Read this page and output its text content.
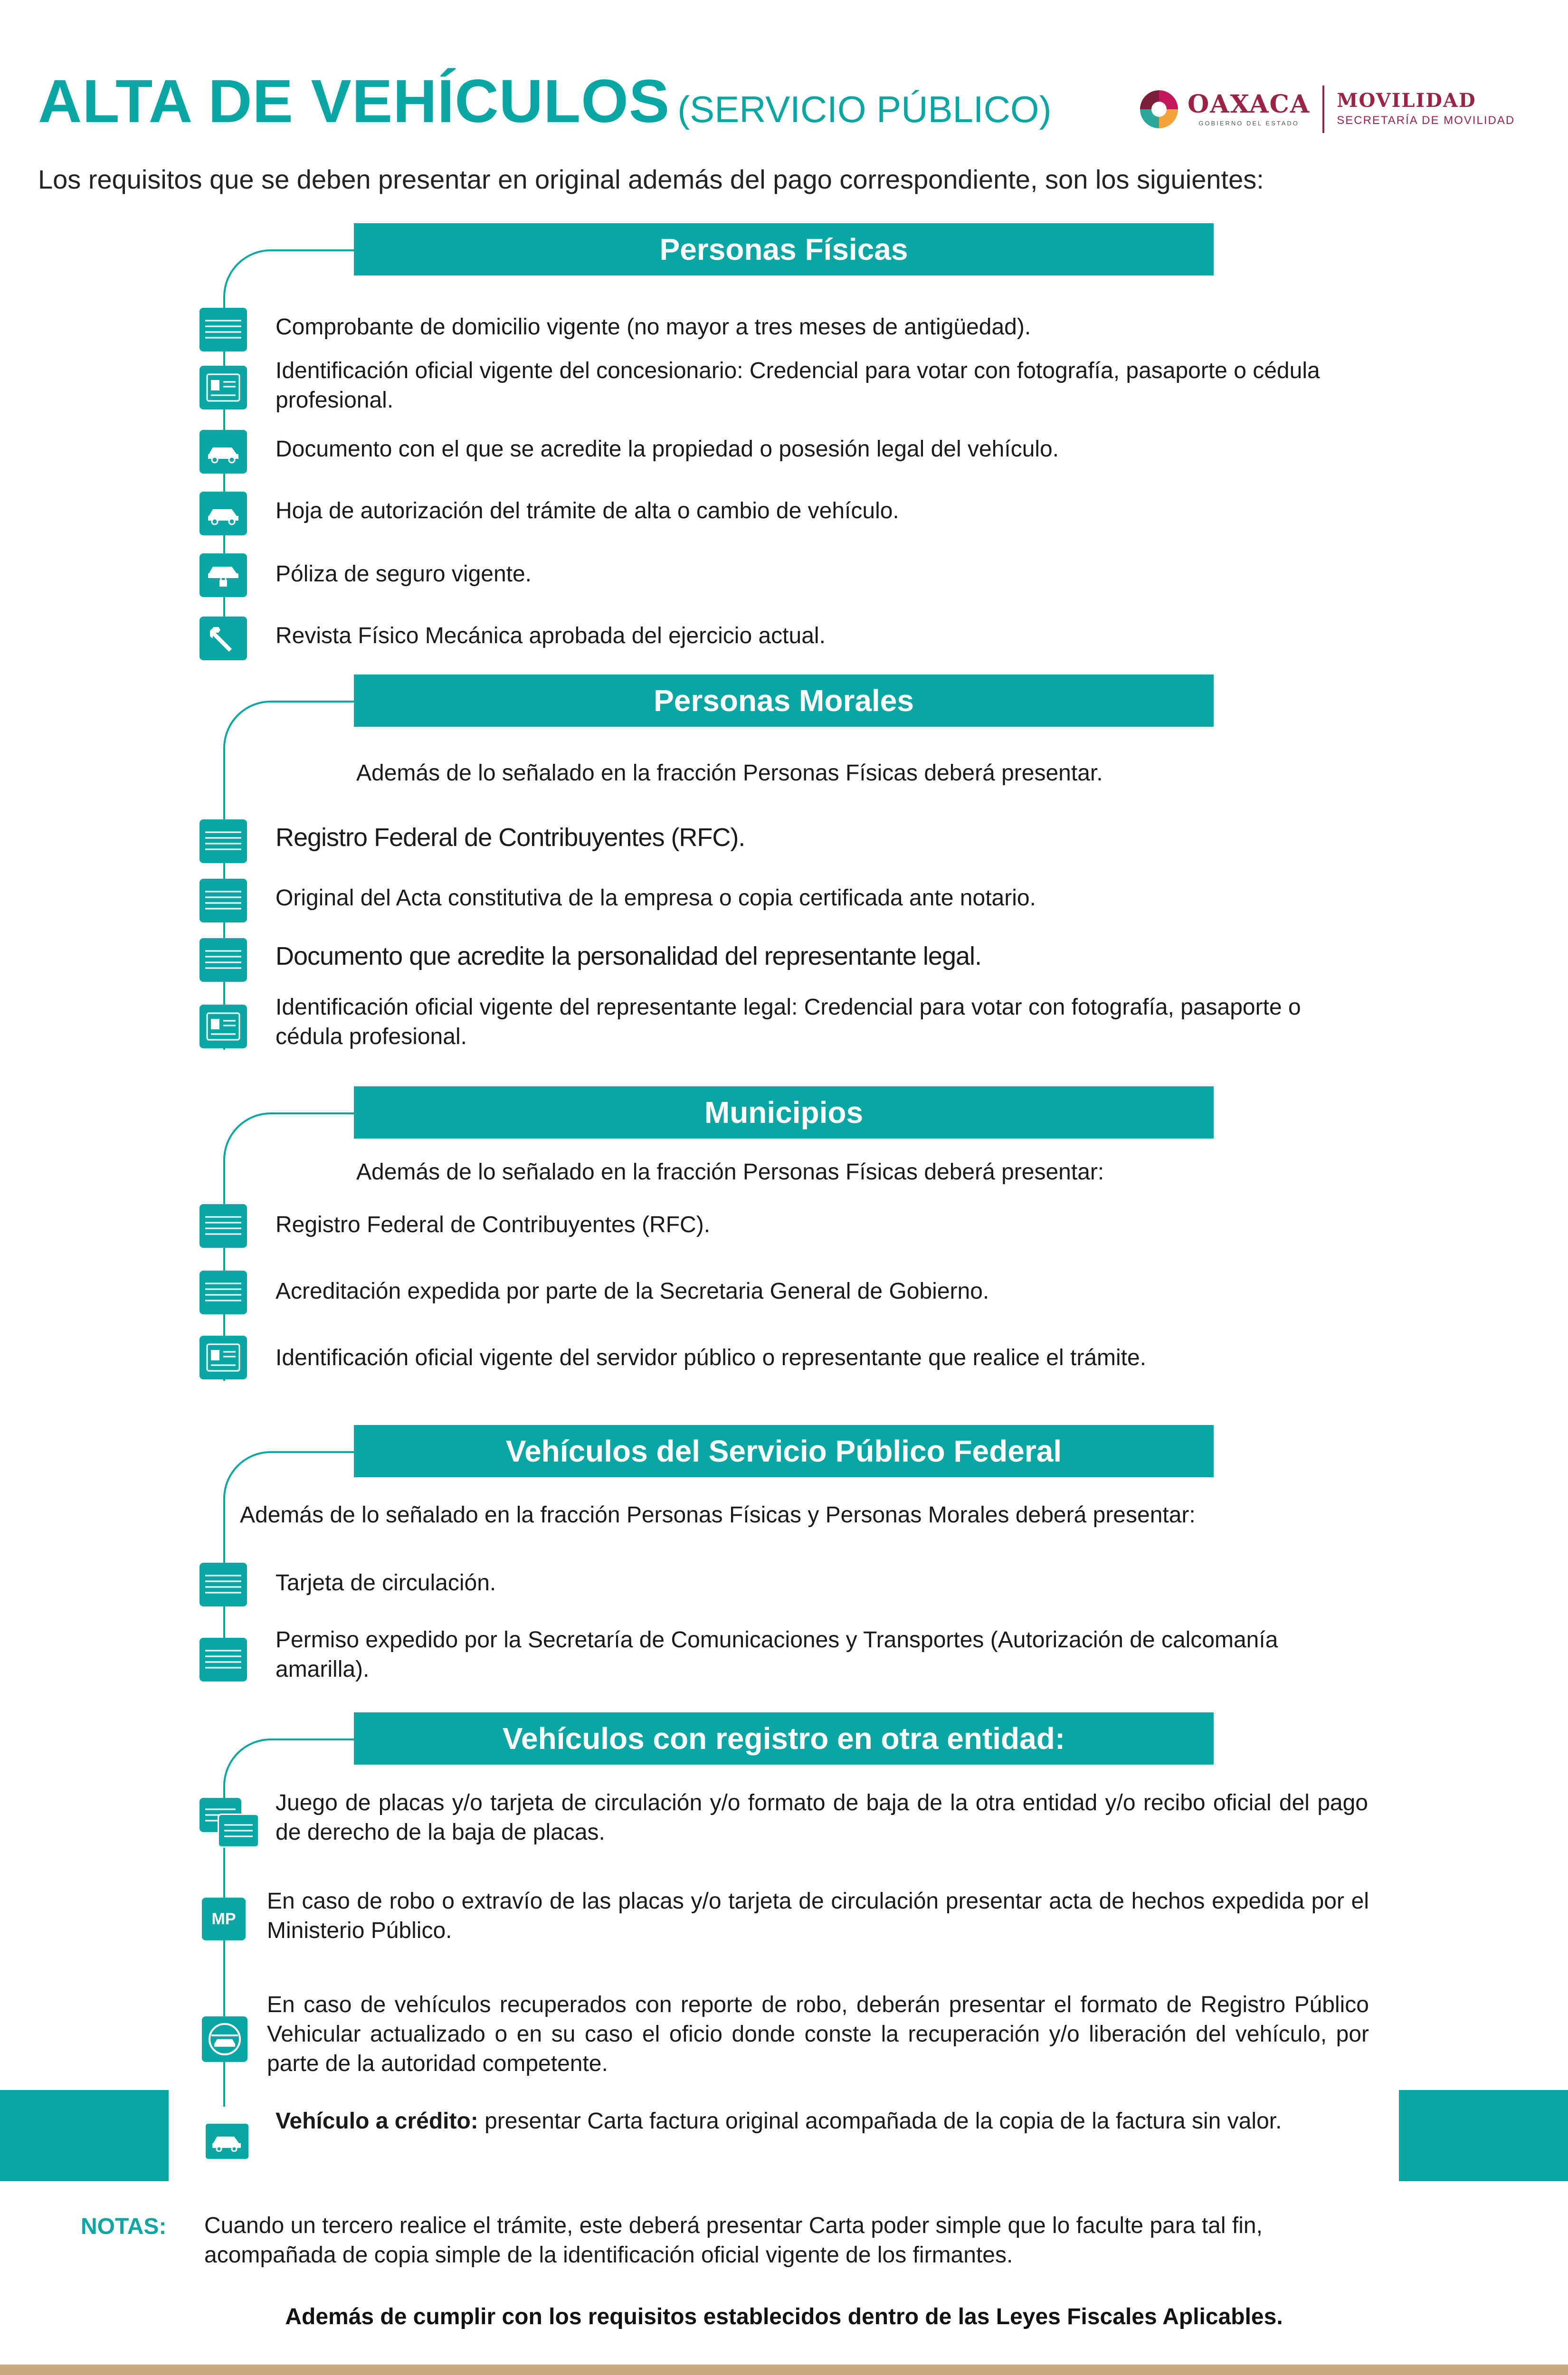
ALTA DE VEHÍCULOS (SERVICIO PÚBLICO)	OAXACA
GOBIERNO DEL ESTADO
MOVILIDAD
SECRETARÍA DE MOVILIDAD
Los requisitos que se deben presentar en original además del pago correspondiente, son los siguientes:
Personas Físicas
Comprobante de domicilio vigente (no mayor a tres meses de antigüedad).
Identificación oficial vigente del concesionario: Credencial para votar con fotografía, pasaporte o cédula profesional.
Documento con el que se acredite la propiedad o posesión legal del vehículo.
Hoja de autorización del trámite de alta o cambio de vehículo.
Póliza de seguro vigente.
Revista Físico Mecánica aprobada del ejercicio actual.
Personas Morales
Además de lo señalado en la fracción Personas Físicas deberá presentar.
Registro Federal de Contribuyentes (RFC).
Original del Acta constitutiva de la empresa o copia certificada ante notario.
Documento que acredite la personalidad del representante legal.
Identificación oficial vigente del representante legal: Credencial para votar con fotografía, pasaporte o cédula profesional.
Municipios
Además de lo señalado en la fracción Personas Físicas deberá presentar:
Registro Federal de Contribuyentes (RFC).
Acreditación expedida por parte de la Secretaria General de Gobierno.
Identificación oficial vigente del servidor público o representante que realice el trámite.
Vehículos del Servicio Público Federal
Además de lo señalado en la fracción Personas Físicas y Personas Morales deberá presentar:
Tarjeta de circulación.
Permiso expedido por la Secretaría de Comunicaciones y Transportes (Autorización de calcomanía amarilla).
Vehículos con registro en otra entidad:
Juego de placas y/o tarjeta de circulación y/o formato de baja de la otra entidad y/o recibo oficial del pago de derecho de la baja de placas.
MP
En caso de robo o extravío de las placas y/o tarjeta de circulación presentar acta de hechos expedida por el Ministerio Público.
En caso de vehículos recuperados con reporte de robo, deberán presentar el formato de Registro Público Vehicular actualizado o en su caso el oficio donde conste la recuperación y/o liberación del vehículo, por parte de la autoridad competente.
Vehículo a crédito: presentar Carta factura original acompañada de la copia de la factura sin valor.
NOTAS: Cuando un tercero realice el trámite, este deberá presentar Carta poder simple que lo faculte para tal fin, acompañada de copia simple de la identificación oficial vigente de los firmantes.
Además de cumplir con los requisitos establecidos dentro de las Leyes Fiscales Aplicables.
